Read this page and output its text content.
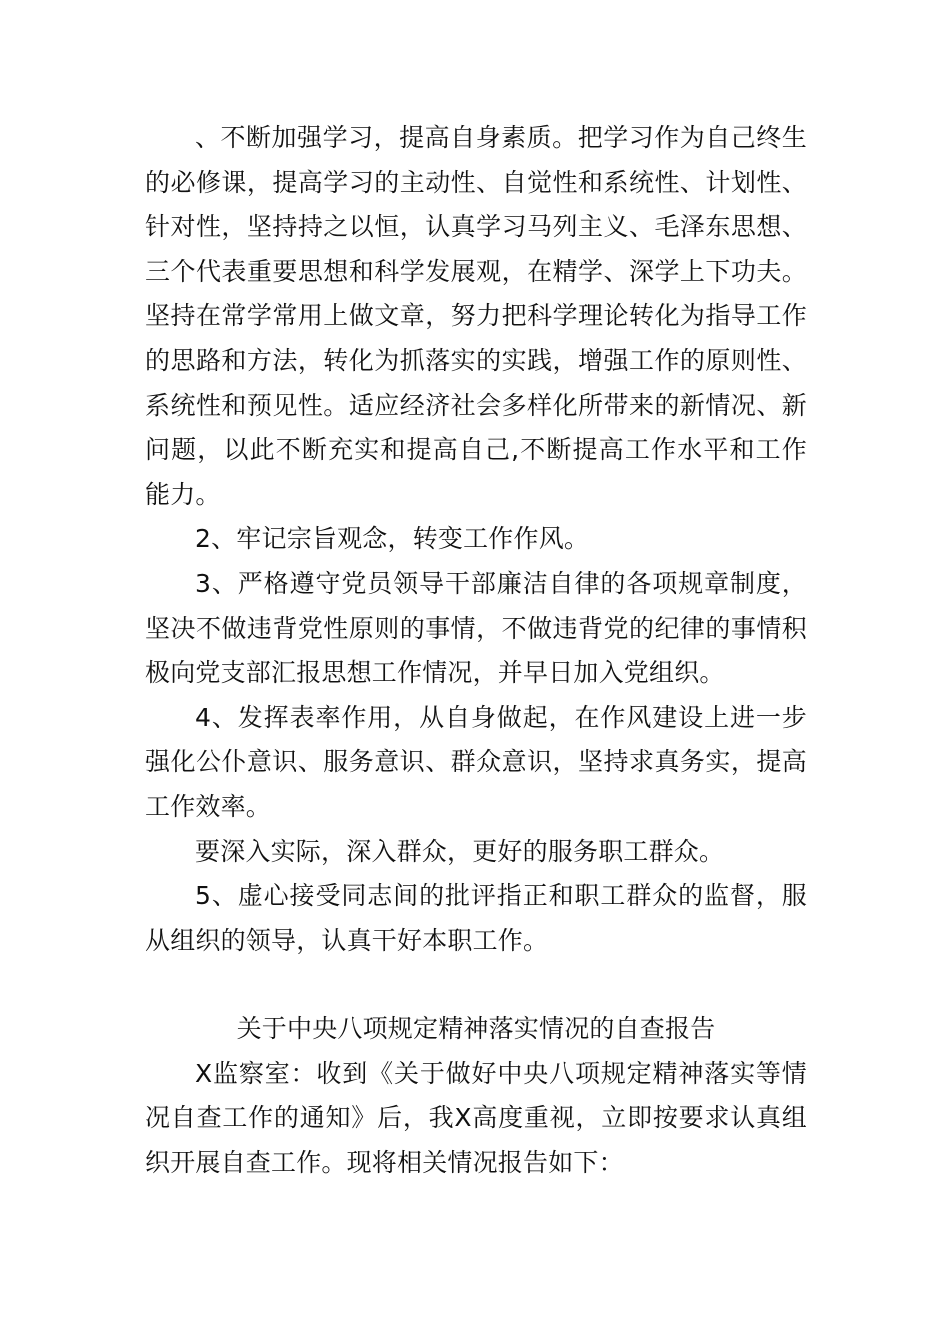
、不断加强学习，提高自身素质。把学习作为自己终生的必修课，提高学习的主动性、自觉性和系统性、计划性、针对性，坚持持之以恒，认真学习马列主义、毛泽东思想、三个代表重要思想和科学发展观，在精学、深学上下功夫。坚持在常学常用上做文章，努力把科学理论转化为指导工作的思路和方法，转化为抓落实的实践，增强工作的原则性、系统性和预见性。适应经济社会多样化所带来的新情况、新问题，以此不断充实和提高自己,不断提高工作水平和工作能力。

2、牢记宗旨观念，转变工作作风。

3、严格遵守党员领导干部廉洁自律的各项规章制度，坚决不做违背党性原则的事情，不做违背党的纪律的事情积极向党支部汇报思想工作情况，并早日加入党组织。

4、发挥表率作用，从自身做起，在作风建设上进一步强化公仆意识、服务意识、群众意识，坚持求真务实，提高工作效率。

要深入实际，深入群众，更好的服务职工群众。

5、虚心接受同志间的批评指正和职工群众的监督，服从组织的领导，认真干好本职工作。

关于中央八项规定精神落实情况的自查报告

X监察室：收到《关于做好中央八项规定精神落实等情况自查工作的通知》后，我X高度重视，立即按要求认真组织开展自查工作。现将相关情况报告如下：
